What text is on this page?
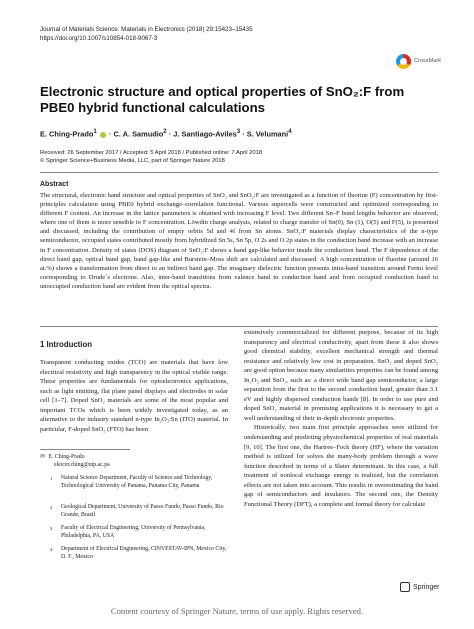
Journal of Materials Science: Materials in Electronics (2018) 29:15423–15435
https://doi.org/10.1007/s10854-018-9067-3
CrossMark
Electronic structure and optical properties of SnO₂:F from PBE0 hybrid functional calculations
E. Ching‑Prado$^1$  · C. A. Samudio$^2$ · J. Santiago‑Aviles$^3$ · S. Velumani$^4$
Received: 26 September 2017 / Accepted: 5 April 2018 / Published online: 7 April 2018
© Springer Science+Business Media, LLC, part of Springer Nature 2018
Abstract
The structural, electronic band structure and optical properties of SnO₂ and SnO₂:F are investigated as a function of fluorine (F) concentration by first-principles calculation using PBE0 hybrid exchange–correlation functional. Various supercells were constructed and optimized corresponding to different F content. An increase in the lattice parameters is obtained with increasing F level. Two different Sn–F bond lengths behavior are observed, where one of them is more sensible to F concentration. Löwdin charge analysis, related to charge transfer of Sn(0), Sn (1), O(5) and F(5), is presented and discussed, including the contribution of empty orbits 5d and 4f from Sn atoms. SnO₂:F materials display characteristics of the n-type semiconductor, occupied states contributed mostly from hybridized Sn 5s, Sn 5p, O 2s and O 2p states in the conduction band increase with an increase in F concentration. Density of states (DOS) diagram of SnO₂:F shows a band gap-like behavior inside the conduction band. The F dependence of the direct band gap, optical band gap, band gap-like and Burstein–Moss shift are calculated and discussed. A high concentration of fluorine (around 16 at.%) shows a transformation from direct to an indirect band gap. The imaginary dielectric function presents intra-band transition around Fermi level corresponding to Drude´s electrons. Also, inter-band transitions from valence band to conduction band and from occupied conduction band to unoccupied conduction band are evident from the optical spectra.
1 Introduction

Transparent conducting oxides (TCO) are materials that have low electrical resistivity and high transparency in the optical visible range. These properties are fundamentals for optoelectronics applications, such as light emitting, flat plane panel displays and electrodes in solar cell [1–7]. Doped SnO₂ materials are some of the most popular and important TCOs which is been widely investigated today, as an alternative to the industry standard n-type In₂O₃:Sn (ITO) material. In particular, F-doped SnO₂ (FTO) has been

extensively commercialized for different purpose, because of its high transparency and electrical conductivity, apart from these it also shows good chemical stability, excellent mechanical strength and thermal resistance and relatively low cost in preparation. SnO₂ and doped SnO₂ are good option because many similarities properties can be found among In₂O₃ and SnO₂, such as: a direct wide band gap semiconductor, a large separation from the first to the second conduction band, greater than 3.1 eV and highly dispersed conduction bands [8]. In order to use pure and doped SnO₂ material in promising applications it is necessary to get a well understanding of their in-depth electronic properties.

Historically, two main first principle approaches were utilized for understanding and predicting physiochemical properties of real materials [9, 10]. The first one, the Hartree–Fock theory (HF), where the variation method is utilized for solves the many-body problem through a wave function described in terms of a Slater determinant. In this case, a full treatment of nonlocal exchange energy is realized, but the correlation effects are not taken into account. This results in overestimating the band gap of semiconductors and insulators. The second one, the Density Functional Theory (DFT), a complete and formal theory for calculate

✉ E. Ching‑Prado
eleicer.ching@utp.ac.pa
1	Natural Science Department, Faculty of Science and Technology, Technological University of Panama, Panama City, Panama
2	Geological Department, University of Passo Fundo, Passo Fundo, Rio Grande, Brazil
3	Faculty of Electrical Engineering, University of Pennsylvania, Philadelphia, PA, USA
4	Department of Electrical Engineering, CINVESTAV-IPN, Mexico City, D. F., Mexico
Springer
Content courtesy of Springer Nature, terms of use apply. Rights reserved.
